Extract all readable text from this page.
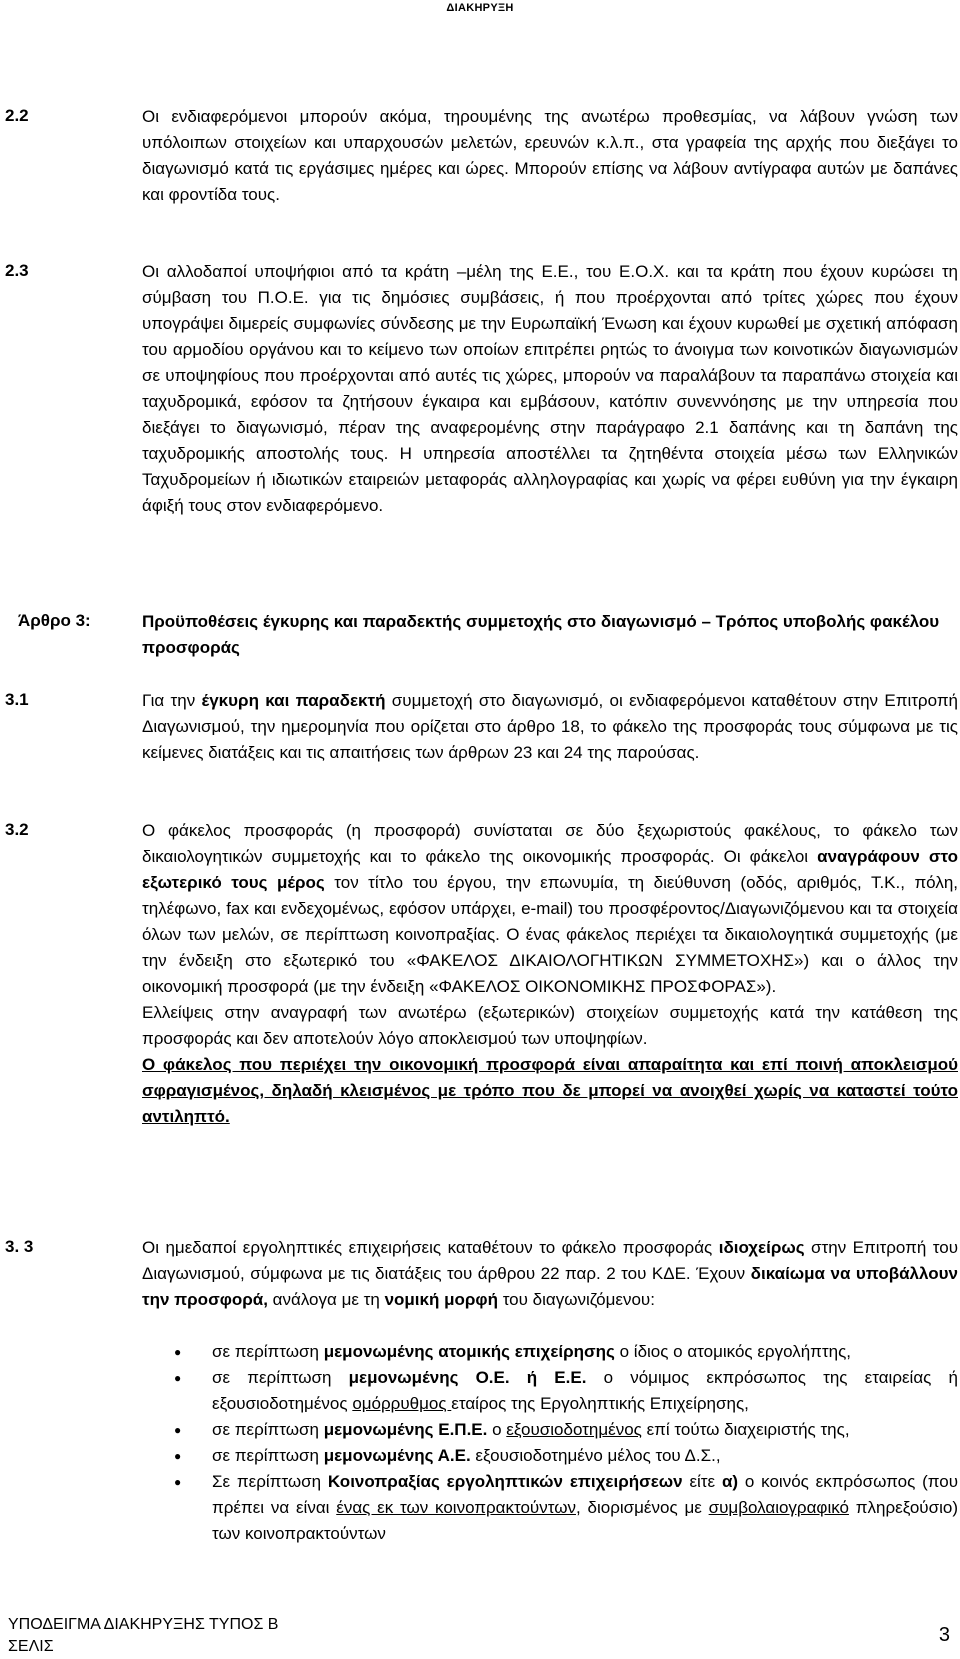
ΔΙΑΚΗΡΥΞΗ
2.2	Οι ενδιαφερόμενοι μπορούν ακόμα, τηρουμένης της ανωτέρω προθεσμίας, να λάβουν γνώση των υπόλοιπων στοιχείων και υπαρχουσών μελετών, ερευνών κ.λ.π., στα γραφεία της αρχής που διεξάγει το διαγωνισμό κατά τις εργάσιμες ημέρες και ώρες. Μπορούν επίσης να λάβουν αντίγραφα αυτών με δαπάνες και φροντίδα τους.
2.3	Οι αλλοδαποί υποψήφιοι από τα κράτη –μέλη της Ε.Ε., του Ε.Ο.Χ. και τα κράτη που έχουν κυρώσει τη σύμβαση του Π.Ο.Ε. για τις δημόσιες συμβάσεις, ή που προέρχονται από τρίτες χώρες που έχουν υπογράψει διμερείς συμφωνίες σύνδεσης με την Ευρωπαϊκή Ένωση και έχουν κυρωθεί με σχετική απόφαση του αρμοδίου οργάνου και το κείμενο των οποίων επιτρέπει ρητώς το άνοιγμα των κοινοτικών διαγωνισμών σε υποψηφίους που προέρχονται από αυτές τις χώρες, μπορούν να παραλάβουν τα παραπάνω στοιχεία και ταχυδρομικά, εφόσον τα ζητήσουν έγκαιρα και εμβάσουν, κατόπιν συνεννόησης με την υπηρεσία που διεξάγει το διαγωνισμό, πέραν της αναφερομένης στην παράγραφο 2.1 δαπάνης και τη δαπάνη της ταχυδρομικής αποστολής τους. Η υπηρεσία αποστέλλει τα ζητηθέντα στοιχεία μέσω των Ελληνικών Ταχυδρομείων ή ιδιωτικών εταιρειών μεταφοράς αλληλογραφίας και χωρίς να φέρει ευθύνη για την έγκαιρη άφιξή τους στον ενδιαφερόμενο.
Άρθρο 3:	Προϋποθέσεις έγκυρης και παραδεκτής συμμετοχής στο διαγωνισμό – Τρόπος υποβολής φακέλου προσφοράς
3.1	Για την έγκυρη και παραδεκτή συμμετοχή στο διαγωνισμό, οι ενδιαφερόμενοι καταθέτουν στην Επιτροπή Διαγωνισμού, την ημερομηνία που ορίζεται στο άρθρο 18, το φάκελο της προσφοράς τους σύμφωνα με τις κείμενες διατάξεις και τις απαιτήσεις των άρθρων 23 και 24 της παρούσας.
3.2	Ο φάκελος προσφοράς (η προσφορά) συνίσταται σε δύο ξεχωριστούς φακέλους, το φάκελο των δικαιολογητικών συμμετοχής και το φάκελο της οικονομικής προσφοράς. Οι φάκελοι αναγράφουν στο εξωτερικό τους μέρος τον τίτλο του έργου, την επωνυμία, τη διεύθυνση (οδός, αριθμός, Τ.Κ., πόλη, τηλέφωνο, fax και ενδεχομένως, εφόσον υπάρχει, e-mail) του προσφέροντος/Διαγωνιζόμενου και τα στοιχεία όλων των μελών, σε περίπτωση κοινοπραξίας. Ο ένας φάκελος περιέχει τα δικαιολογητικά συμμετοχής (με την ένδειξη στο εξωτερικό του «ΦΑΚΕΛΟΣ ΔΙΚΑΙΟΛΟΓΗΤΙΚΩΝ ΣΥΜΜΕΤΟΧΗΣ») και ο άλλος την οικονομική προσφορά (με την ένδειξη «ΦΑΚΕΛΟΣ ΟΙΚΟΝΟΜΙΚΗΣ ΠΡΟΣΦΟΡΑΣ»).
Ελλείψεις στην αναγραφή των ανωτέρω (εξωτερικών) στοιχείων συμμετοχής κατά την κατάθεση της προσφοράς και δεν αποτελούν λόγο αποκλεισμού των υποψηφίων.
Ο φάκελος που περιέχει την οικονομική προσφορά είναι απαραίτητα και επί ποινή αποκλεισμού σφραγισμένος, δηλαδή κλεισμένος με τρόπο που δε μπορεί να ανοιχθεί χωρίς να καταστεί τούτο αντιληπτό.
3. 3	Οι ημεδαποί εργοληπτικές επιχειρήσεις καταθέτουν το φάκελο προσφοράς ιδιοχείρως στην Επιτροπή του Διαγωνισμού, σύμφωνα με τις διατάξεις του άρθρου 22 παρ. 2 του ΚΔΕ. Έχουν δικαίωμα να υποβάλλουν την προσφορά, ανάλογα με τη νομική μορφή του διαγωνιζόμενου:
● σε περίπτωση μεμονωμένης ατομικής επιχείρησης ο ίδιος ο ατομικός εργολήπτης,
● σε περίπτωση μεμονωμένης Ο.Ε. ή Ε.Ε. ο νόμιμος εκπρόσωπος της εταιρείας ή εξουσιοδοτημένος ομόρρυθμος εταίρος της Εργοληπτικής Επιχείρησης,
● σε περίπτωση μεμονωμένης Ε.Π.Ε. ο εξουσιοδοτημένος επί τούτω διαχειριστής της,
● σε περίπτωση μεμονωμένης Α.Ε. εξουσιοδοτημένο μέλος του Δ.Σ.,
● Σε περίπτωση Κοινοπραξίας εργοληπτικών επιχειρήσεων είτε α) ο κοινός εκπρόσωπος (που πρέπει να είναι ένας εκ των κοινοπρακτούντων, διορισμένος με συμβολαιογραφικό πληρεξούσιο) των κοινοπρακτούντων
ΥΠΟΔΕΙΓΜΑ ΔΙΑΚΗΡΥΞΗΣ ΤΥΠΟΣ Β
ΣΕΛΙΣ
3
